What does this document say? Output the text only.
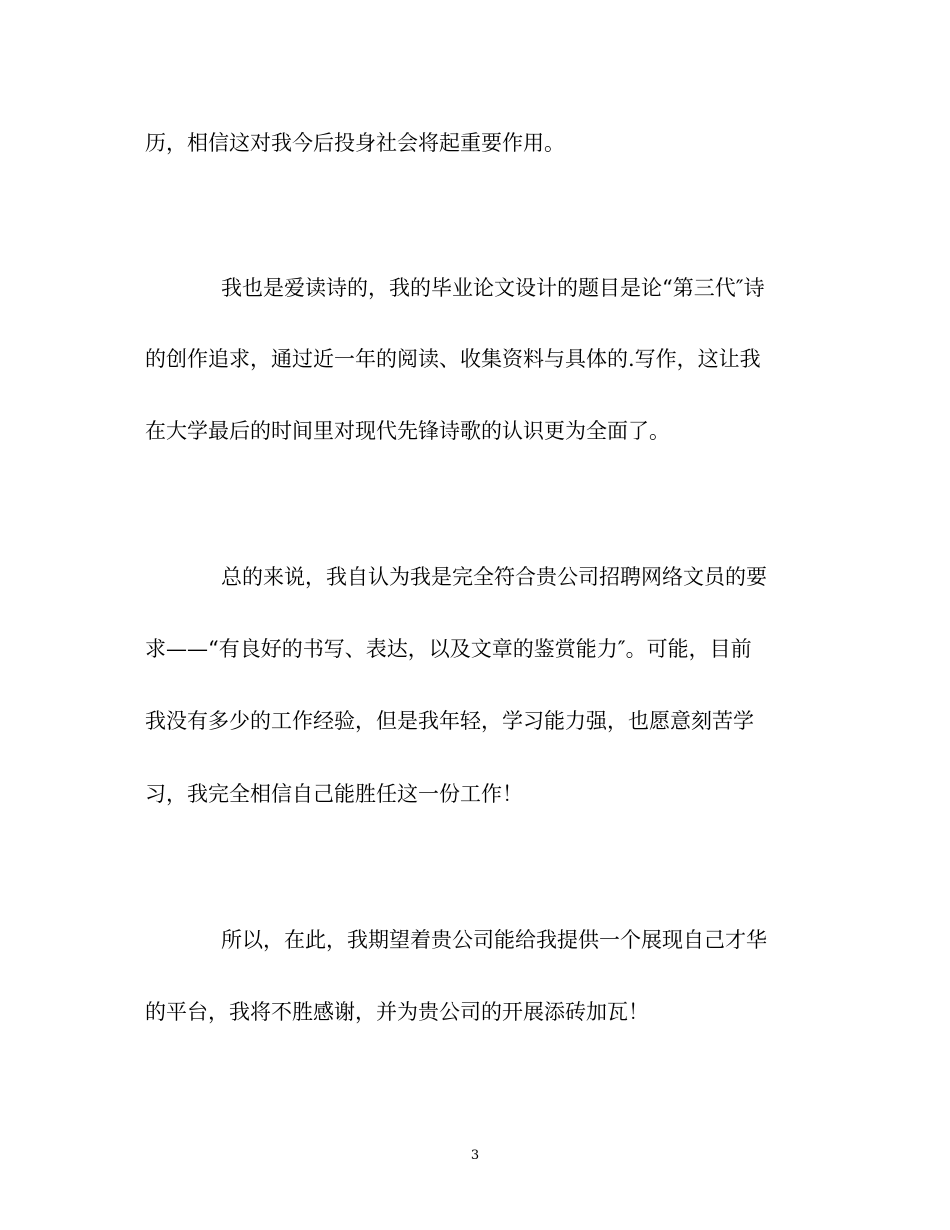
历，相信这对我今后投身社会将起重要作用。
我也是爱读诗的，我的毕业论文设计的题目是论“第三代″诗
的创作追求，通过近一年的阅读、收集资料与具体的.写作，这让我
在大学最后的时间里对现代先锋诗歌的认识更为全面了。
总的来说，我自认为我是完全符合贵公司招聘网络文员的要
求——“有良好的书写、表达，以及文章的鉴赏能力″。可能，目前
我没有多少的工作经验，但是我年轻，学习能力强，也愿意刻苦学
习，我完全相信自己能胜任这一份工作！
所以，在此，我期望着贵公司能给我提供一个展现自己才华
的平台，我将不胜感谢，并为贵公司的开展添砖加瓦！
3
